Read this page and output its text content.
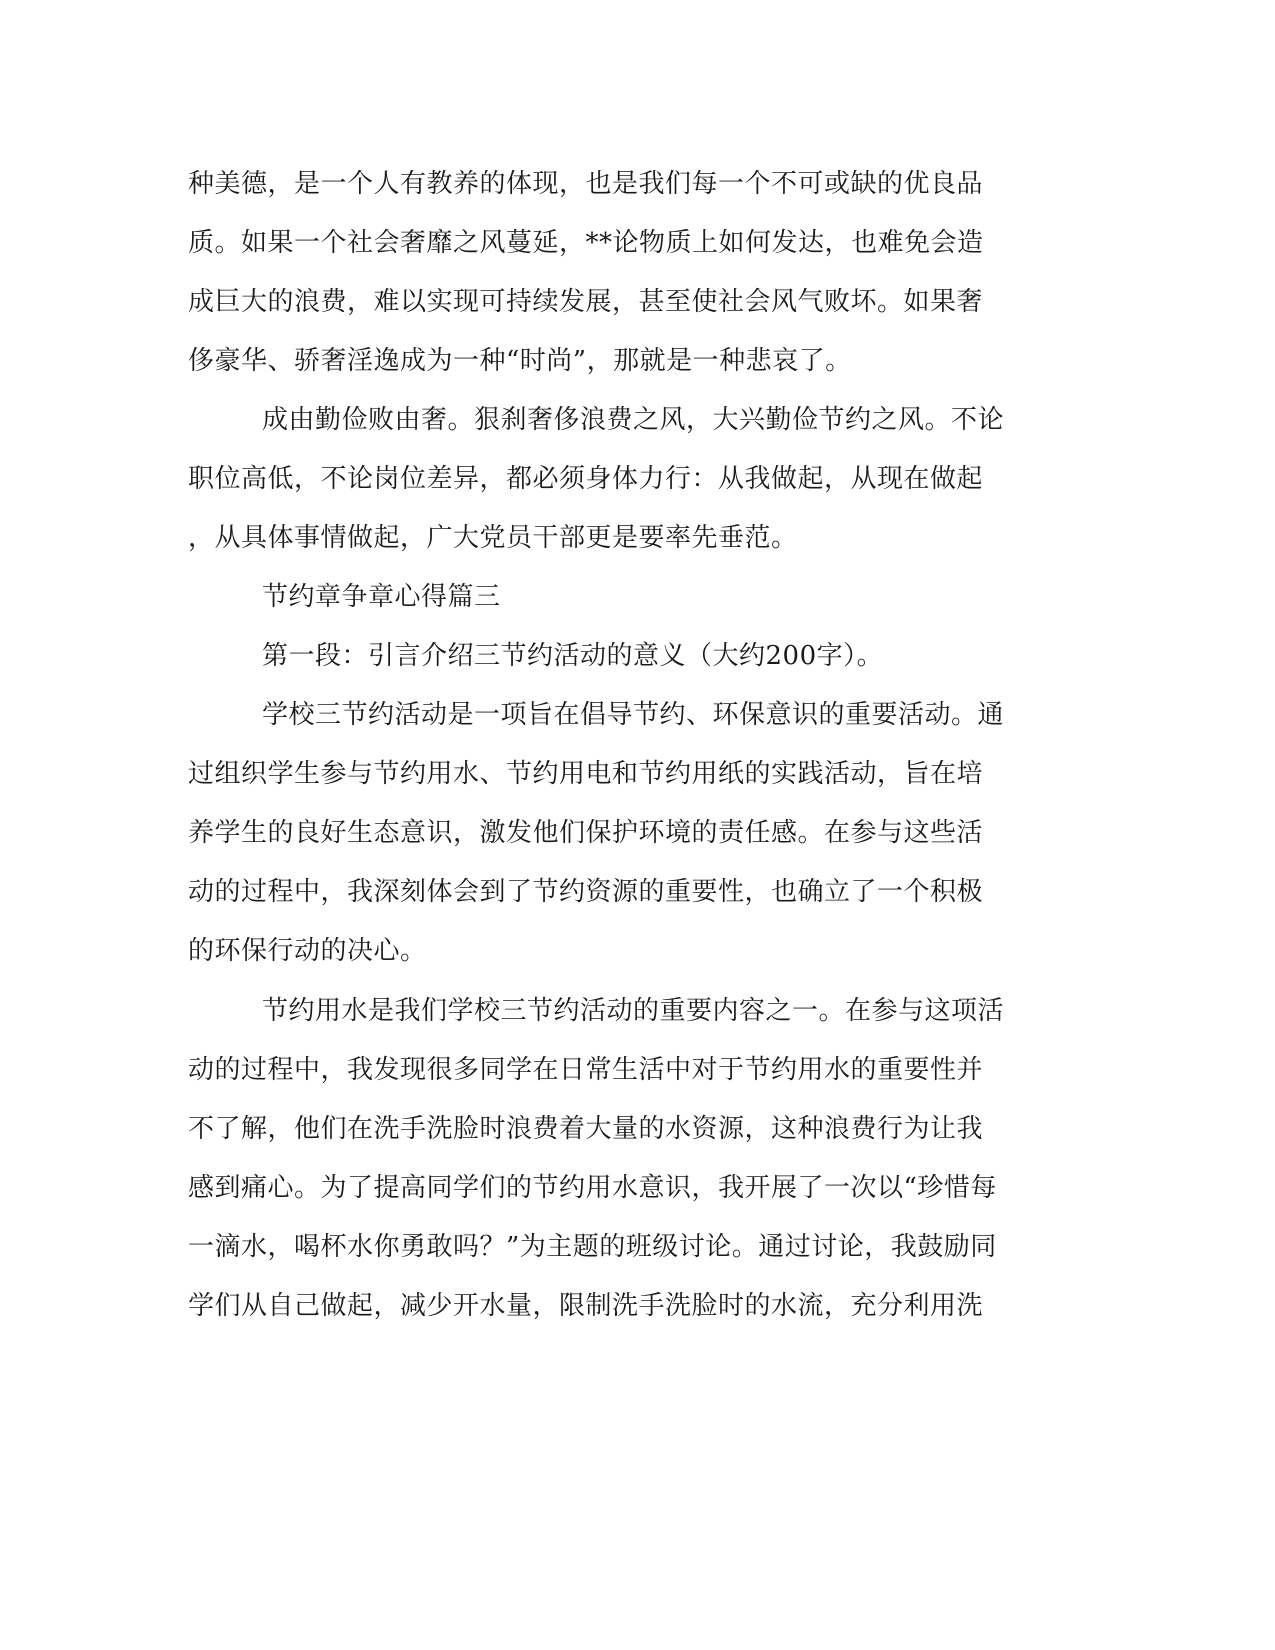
种美德，是一个人有教养的体现，也是我们每一个不可或缺的优良品
质。如果一个社会奢靡之风蔓延，**论物质上如何发达，也难免会造
成巨大的浪费，难以实现可持续发展，甚至使社会风气败坏。如果奢
侈豪华、骄奢淫逸成为一种“时尚”，那就是一种悲哀了。
成由勤俭败由奢。狠刹奢侈浪费之风，大兴勤俭节约之风。不论
职位高低，不论岗位差异，都必须身体力行：从我做起，从现在做起
，从具体事情做起，广大党员干部更是要率先垂范。
节约章争章心得篇三
第一段：引言介绍三节约活动的意义（大约200字）。
学校三节约活动是一项旨在倡导节约、环保意识的重要活动。通
过组织学生参与节约用水、节约用电和节约用纸的实践活动，旨在培
养学生的良好生态意识，激发他们保护环境的责任感。在参与这些活
动的过程中，我深刻体会到了节约资源的重要性，也确立了一个积极
的环保行动的决心。
节约用水是我们学校三节约活动的重要内容之一。在参与这项活
动的过程中，我发现很多同学在日常生活中对于节约用水的重要性并
不了解，他们在洗手洗脸时浪费着大量的水资源，这种浪费行为让我
感到痛心。为了提高同学们的节约用水意识，我开展了一次以“珍惜每
一滴水，喝杯水你勇敢吗？”为主题的班级讨论。通过讨论，我鼓励同
学们从自己做起，减少开水量，限制洗手洗脸时的水流，充分利用洗
